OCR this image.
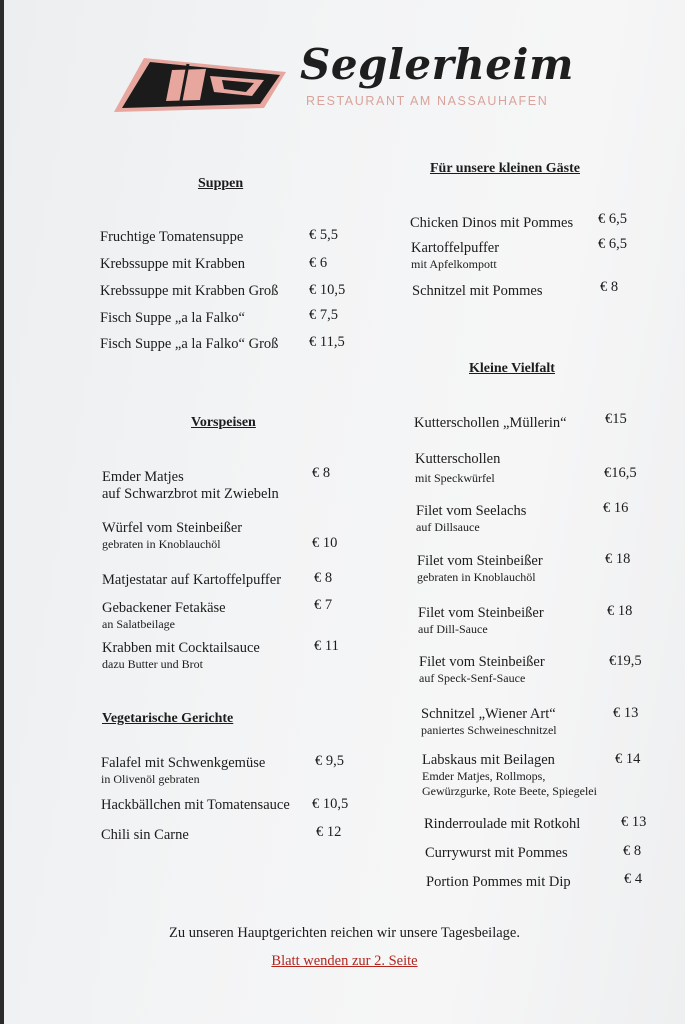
Seglerheim
RESTAURANT AM NASSAUHAFEN
Suppen
Fruchtige Tomatensuppe	€ 5,5
Krebssuppe mit Krabben	€ 6
Krebssuppe mit Krabben Groß € 10,5
Fisch Suppe „a la Falko“	€ 7,5
Fisch Suppe „a la Falko“ Groß € 11,5
Vorspeisen
Emder Matjes
auf Schwarzbrot mit Zwiebeln
€ 8
Würfel vom Steinbeißer
gebraten in Knoblauchöl	€ 10
Matjestatar auf Kartoffelpuffer € 8
Gebackener Fetakäse
an Salatbeilage
€ 7
Krabben mit Cocktailsauce
dazu Butter und Brot
€ 11
Vegetarische Gerichte
Falafel mit Schwenkgemüse
in Olivenöl gebraten
€ 9,5
Hackbällchen mit Tomatensauce € 10,5
Chili sin Carne	€ 12
Für unsere kleinen Gäste
Chicken Dinos mit Pommes € 6,5
Kartoffelpuffer
mit Apfelkompott
€ 6,5
Schnitzel mit Pommes	€ 8
Kleine Vielfalt
Kutterschollen „Müllerin“	€15
Kutterschollen
mit Speckwürfel	€16,5
Filet vom Seelachs
auf Dillsauce
€ 16
Filet vom Steinbeißer
gebraten in Knoblauchöl
€ 18
Filet vom Steinbeißer
auf Dill-Sauce
€ 18
Filet vom Steinbeißer
auf Speck-Senf-Sauce
€19,5
Schnitzel „Wiener Art“
paniertes Schweineschnitzel
€ 13
Labskaus mit Beilagen
Emder Matjes, Rollmops,
Gewürzgurke, Rote Beete, Spiegelei
€ 14
Rinderroulade mit Rotkohl	€ 13
Currywurst mit Pommes	€ 8
Portion Pommes mit Dip	€ 4
Zu unseren Hauptgerichten reichen wir unsere Tagesbeilage.
Blatt wenden zur 2. Seite
